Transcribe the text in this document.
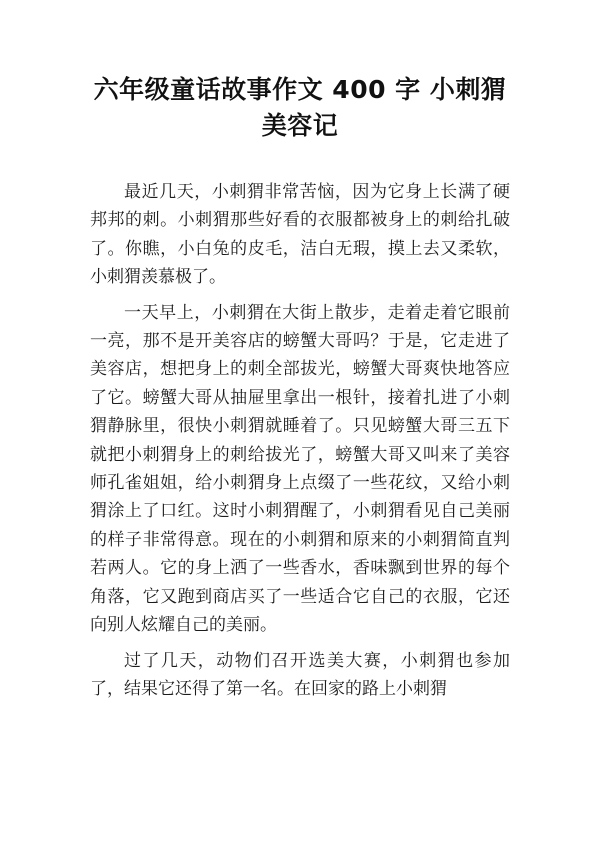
六年级童话故事作文 400 字 小刺猬美容记

最近几天，小刺猬非常苦恼，因为它身上长满了硬邦邦的刺。小刺猬那些好看的衣服都被身上的刺给扎破了。你瞧，小白兔的皮毛，洁白无瑕，摸上去又柔软，小刺猬羡慕极了。

一天早上，小刺猬在大街上散步，走着走着它眼前一亮，那不是开美容店的螃蟹大哥吗？于是，它走进了美容店，想把身上的刺全部拔光，螃蟹大哥爽快地答应了它。螃蟹大哥从抽屉里拿出一根针，接着扎进了小刺猬静脉里，很快小刺猬就睡着了。只见螃蟹大哥三五下就把小刺猬身上的刺给拔光了，螃蟹大哥又叫来了美容师孔雀姐姐，给小刺猬身上点缀了一些花纹，又给小刺猬涂上了口红。这时小刺猬醒了，小刺猬看见自己美丽的样子非常得意。现在的小刺猬和原来的小刺猬简直判若两人。它的身上洒了一些香水，香味飘到世界的每个角落，它又跑到商店买了一些适合它自己的衣服，它还向别人炫耀自己的美丽。

过了几天，动物们召开选美大赛，小刺猬也参加了，结果它还得了第一名。在回家的路上小刺猬
